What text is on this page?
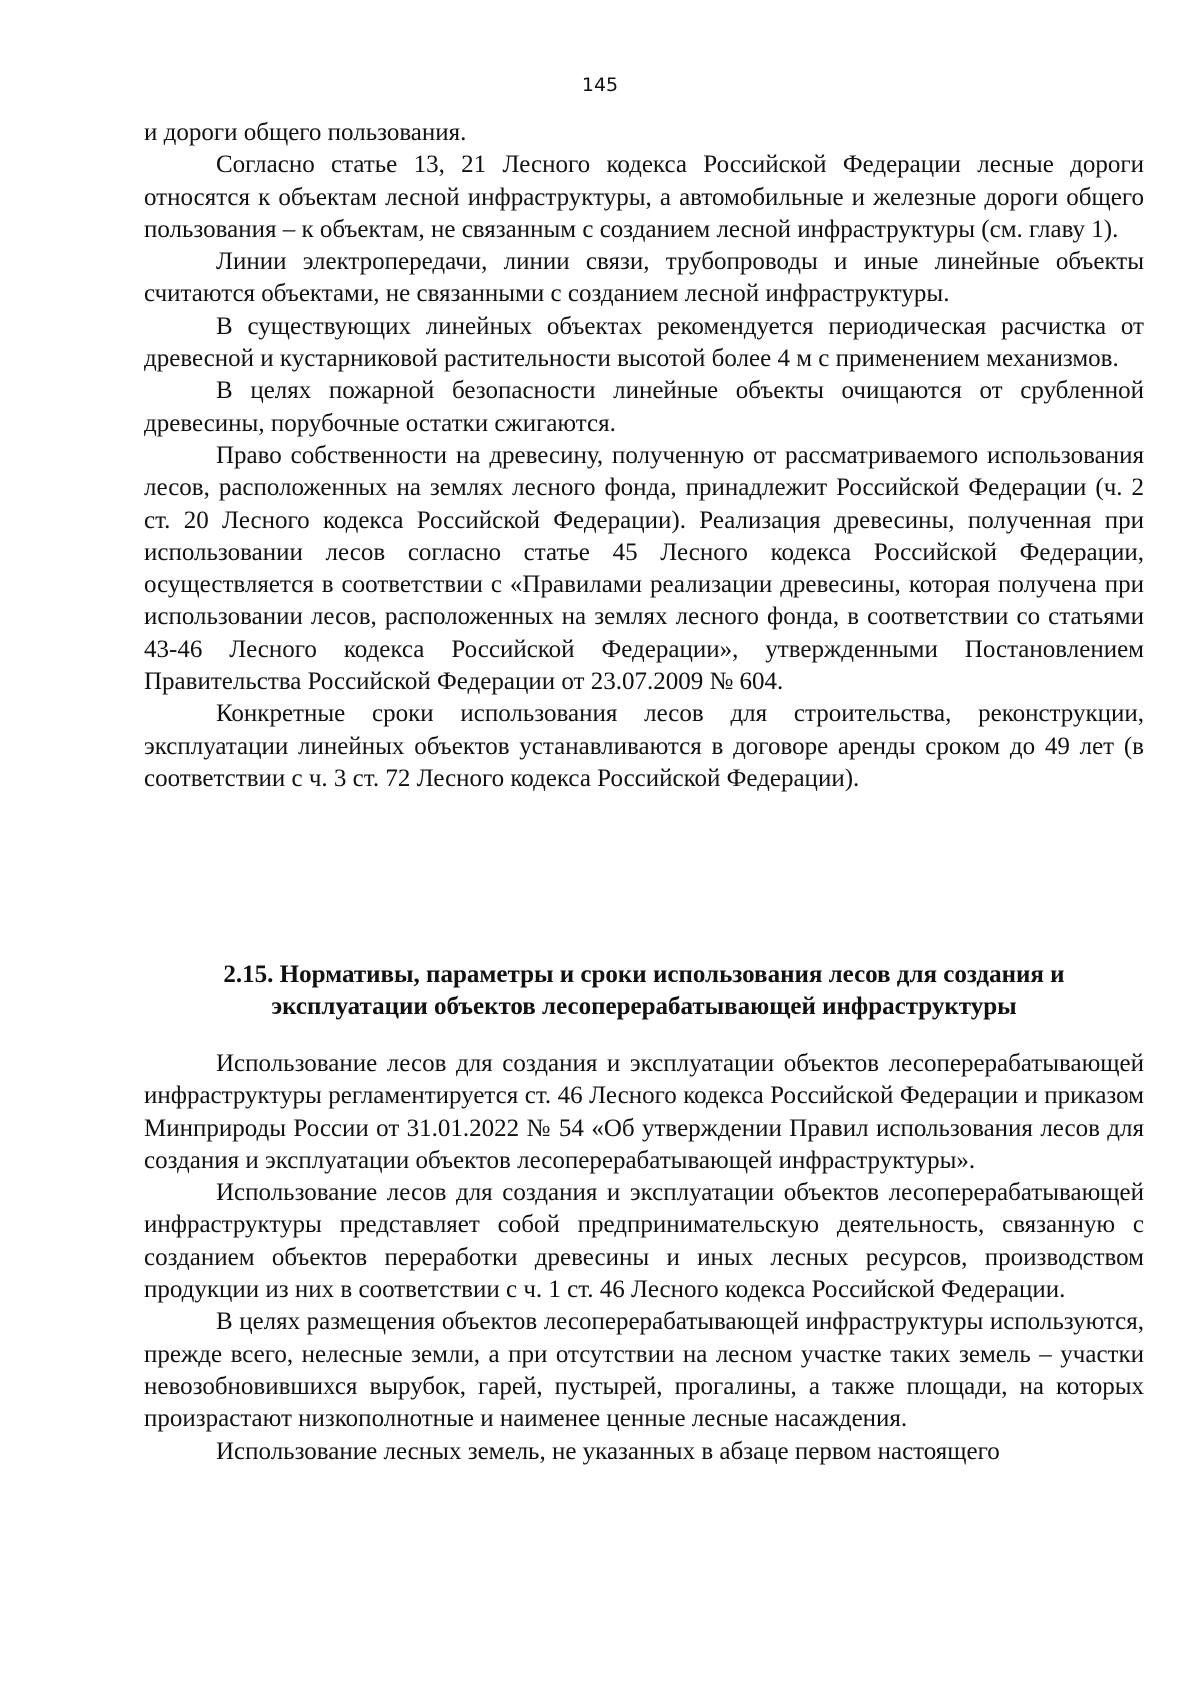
145

и дороги общего пользования.

Согласно статье 13, 21 Лесного кодекса Российской Федерации лесные дороги относятся к объектам лесной инфраструктуры, а автомобильные и железные дороги общего пользования – к объектам, не связанным с созданием лесной инфраструктуры (см. главу 1).

Линии электропередачи, линии связи, трубопроводы и иные линейные объекты считаются объектами, не связанными с созданием лесной инфраструктуры.

В существующих линейных объектах рекомендуется периодическая расчистка от древесной и кустарниковой растительности высотой более 4 м с применением механизмов.

В целях пожарной безопасности линейные объекты очищаются от срубленной древесины, порубочные остатки сжигаются.

Право собственности на древесину, полученную от рассматриваемого использования лесов, расположенных на землях лесного фонда, принадлежит Российской Федерации (ч. 2 ст. 20 Лесного кодекса Российской Федерации). Реализация древесины, полученная при использовании лесов согласно статье 45 Лесного кодекса Российской Федерации, осуществляется в соответствии с «Правилами реализации древесины, которая получена при использовании лесов, расположенных на землях лесного фонда, в соответствии со статьями 43-46 Лесного кодекса Российской Федерации», утвержденными Постановлением Правительства Российской Федерации от 23.07.2009 № 604.

Конкретные сроки использования лесов для строительства, реконструкции, эксплуатации линейных объектов устанавливаются в договоре аренды сроком до 49 лет (в соответствии с ч. 3 ст. 72 Лесного кодекса Российской Федерации).

2.15. Нормативы, параметры и сроки использования лесов для создания и
эксплуатации объектов лесоперерабатывающей инфраструктуры

Использование лесов для создания и эксплуатации объектов лесоперерабатывающей инфраструктуры регламентируется ст. 46 Лесного кодекса Российской Федерации и приказом Минприроды России от 31.01.2022 № 54 «Об утверждении Правил использования лесов для создания и эксплуатации объектов лесоперерабатывающей инфраструктуры».

Использование лесов для создания и эксплуатации объектов лесоперерабатывающей инфраструктуры представляет собой предпринимательскую деятельность, связанную с созданием объектов переработки древесины и иных лесных ресурсов, производством продукции из них в соответствии с ч. 1 ст. 46 Лесного кодекса Российской Федерации.

В целях размещения объектов лесоперерабатывающей инфраструктуры используются, прежде всего, нелесные земли, а при отсутствии на лесном участке таких земель – участки невозобновившихся вырубок, гарей, пустырей, прогалины, а также площади, на которых произрастают низкополнотные и наименее ценные лесные насаждения.

Использование лесных земель, не указанных в абзаце первом настоящего
